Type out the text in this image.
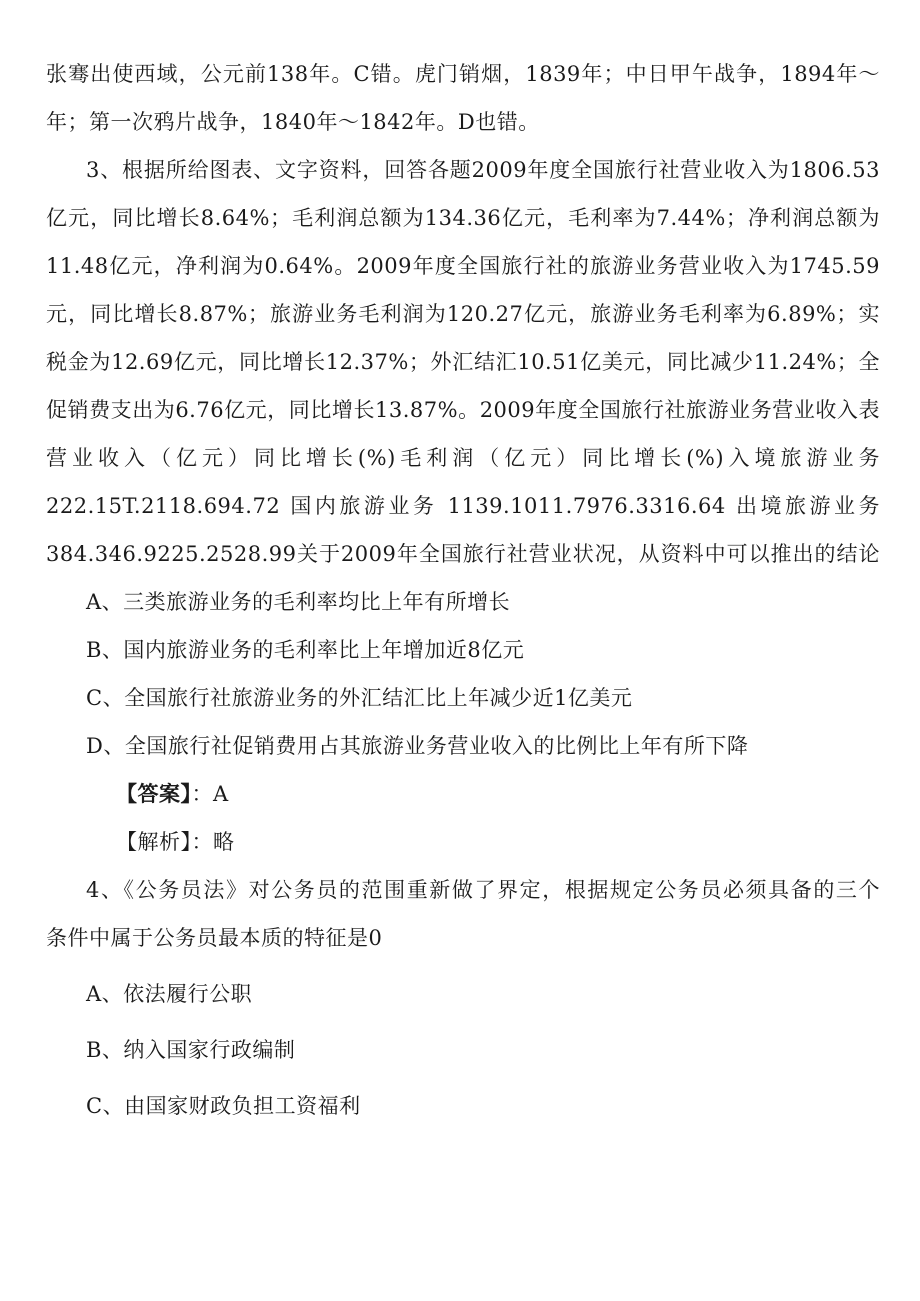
张骞出使西域，公元前138年。C错。虎门销烟，1839年；中日甲午战争，1894年～
年；第一次鸦片战争，1840年～1842年。D也错。
3、根据所给图表、文字资料，回答各题2009年度全国旅行社营业收入为1806.53
亿元，同比增长8.64%；毛利润总额为134.36亿元，毛利率为7.44%；净利润总额为
11.48亿元，净利润为0.64%。2009年度全国旅行社的旅游业务营业收入为1745.59
元，同比增长8.87%；旅游业务毛利润为120.27亿元，旅游业务毛利率为6.89%；实
税金为12.69亿元，同比增长12.37%；外汇结汇10.51亿美元，同比减少11.24%；全
促销费支出为6.76亿元，同比增长13.87%。2009年度全国旅行社旅游业务营业收入表
营业收入（亿元）同比增长(%)毛利润（亿元）同比增长(%)入境旅游业务
222.15T.2118.694.72 国内旅游业务 1139.1011.7976.3316.64 出境旅游业务
384.346.9225.2528.99关于2009年全国旅行社营业状况，从资料中可以推出的结论
A、三类旅游业务的毛利率均比上年有所增长
B、国内旅游业务的毛利率比上年增加近8亿元
C、全国旅行社旅游业务的外汇结汇比上年减少近1亿美元
D、全国旅行社促销费用占其旅游业务营业收入的比例比上年有所下降
【答案】：A
【解析】：略
4、《公务员法》对公务员的范围重新做了界定，根据规定公务员必须具备的三个
条件中属于公务员最本质的特征是0
A、依法履行公职
B、纳入国家行政编制
C、由国家财政负担工资福利
